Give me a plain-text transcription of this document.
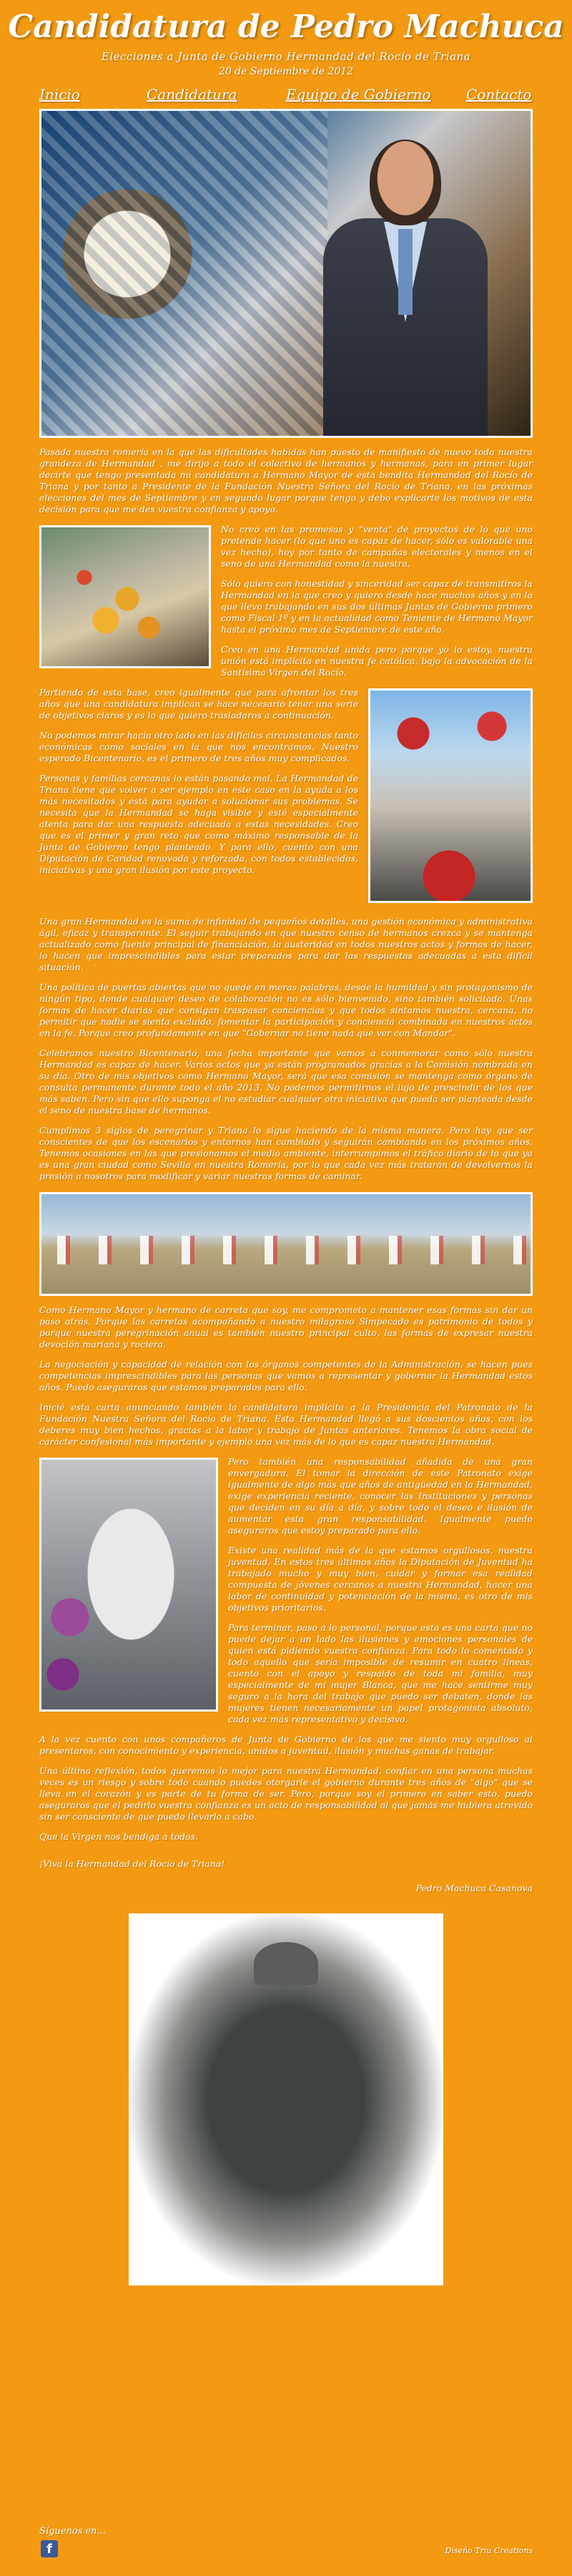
Candidatura de Pedro Machuca
Elecciones a Junta de Gobierno Hermandad del Rocío de Triana
20 de Septiembre de 2012
Inicio	Candidatura	Equipo de Gobierno Contacto

Pasada nuestra romería en la que las dificultades habidas han puesto de manifiesto de nuevo toda nuestra grandeza de Hermandad , me dirijo a todo el colectivo de hermanos y hermanas, para en primer lugar decirte que tengo presentada mi candidatura a Hermano Mayor de esta bendita Hermandad del Rocío de Triana y por tanto a Presidente de la Fundación Nuestra Señora del Rocío de Triana, en las próximas elecciones del mes de Septiembre y en segundo lugar porque tengo y debo explicarte los motivos de esta decisión para que me des vuestra confianza y apoyo.

No creo en las promesas y "venta" de proyectos de lo que uno pretende hacer (lo que uno es capaz de hacer, sólo es valorable una vez hecho), hoy por tanto de campañas electorales y menos en el seno de una Hermandad como la nuestra.

Sólo quiero con honestidad y sinceridad ser capaz de transmitiros la Hermandad en la que creo y quiero desde hace muchos años y en la que llevo trabajando en sus dos últimas Juntas de Gobierno primero como Fiscal 1º y en la actualidad como Teniente de Hermano Mayor hasta el próximo mes de Septiembre de este año.

Creo en una Hermandad unida pero porque yo lo estoy, nuestra unión está implícita en nuestra fe católica, bajo la advocación de la Santísima Virgen del Rocío.

Partiendo de esta base, creo igualmente que para afrontar los tres años que una candidatura implican se hace necesario tener una serie de objetivos claros y es lo que quiero trasladaros a continuación.

No podemos mirar hacia otro lado en las difíciles circunstancias tanto económicas como sociales en la que nos encontramos. Nuestro esperado Bicentenario, es el primero de tres años muy complicados.

Personas y familias cercanas lo están pasando mal. La Hermandad de Triana tiene que volver a ser ejemplo en este caso en la ayuda a los más necesitados y está para ayudar a solucionar sus problemas. Se necesita que la Hermandad se haga visible y esté especialmente atenta para dar una respuesta adecuada a estas necesidades. Creo que es el primer y gran reto que como máximo responsable de la Junta de Gobierno tengo planteado. Y para ello, cuento con una Diputación de Caridad renovada y reforzada, con todos establecidos, iniciativas y una gran ilusión por este proyecto.

Una gran Hermandad es la suma de infinidad de pequeños detalles, una gestión económica y administrativa ágil, eficaz y transparente. El seguir trabajando en que nuestro censo de hermanos crezca y se mantenga actualizado como fuente principal de financiación, la austeridad en todos nuestros actos y formas de hacer, lo hacen que imprescindibles para estar preparados para dar las respuestas adecuadas a esta difícil situación.

Una política de puertas abiertas que no quede en meras palabras, desde la humildad y sin protagonismo de ningún tipo, donde cualquier deseo de colaboración no es sólo bienvenido, sino también solicitado. Unas formas de hacer diarias que consigan traspasar conciencias y que todos sintamos nuestra, cercana, no permitir que nadie se sienta excluido, fomentar la participación y conciencia combinada en nuestros actos en la fe. Porque creo profundamente en que "Gobernar no tiene nada que ver con Mandar".

Celebramos nuestro Bicentenario, una fecha importante que vamos a conmemorar como sólo nuestra Hermandad es capaz de hacer. Varios actos que ya están programados gracias a la Comisión nombrada en su día. Otro de mis objetivos como Hermano Mayor, será que esa comisión se mantenga como órgano de consulta permanente durante todo el año 2013. No podemos permitirnos el lujo de prescindir de los que más saben. Pero sin que ello suponga el no estudiar cualquier otra iniciativa que pueda ser planteada desde el seno de nuestra base de hermanos.

Cumplimos 3 siglos de peregrinar y Triana lo sigue haciendo de la misma manera. Pero hay que ser conscientes de que los escenarios y entornos han cambiado y seguirán cambiando en los próximos años. Tenemos ocasiones en las que presionamos el medio ambiente, interrumpimos el tráfico diario de lo que ya es una gran ciudad como Sevilla en nuestra Romería, por lo que cada vez más tratarán de devolvernos la presión a nosotros para modificar y variar nuestras formas de caminar.

Como Hermano Mayor y hermano de carreta que soy, me comprometo a mantener esas formas sin dar un paso atrás. Porque las carretas acompañando a nuestro milagroso Simpecado es patrimonio de todos y porque nuestra peregrinación anual es también nuestro principal culto, las formas de expresar nuestra devoción mariana y rociera.

La negociación y capacidad de relación con los órganos competentes de la Administración, se hacen pues competencias imprescindibles para las personas que vamos a representar y gobernar la Hermandad estos años. Puedo aseguraros que estamos preparados para ello.

Inicié esta carta anunciando también la candidatura implícita a la Presidencia del Patronato de la Fundación Nuestra Señora del Rocío de Triana. Esta Hermandad llegó a sus doscientos años, con los deberes muy bien hechos, gracias a la labor y trabajo de Juntas anteriores. Tenemos la obra social de carácter confesional más importante y ejemplo una vez más de lo que es capaz nuestra Hermandad.

Pero también una responsabilidad añadida de una gran envergadura. El tomar la dirección de este Patronato exige igualmente de algo más que años de antigüedad en la Hermandad, exige experiencia reciente, conocer las Instituciones y personas que deciden en su día a día, y sobre todo el deseo e ilusión de aumentar esta gran responsabilidad. Igualmente puedo aseguraros que estoy preparado para ello.

Existe una realidad más de la que estamos orgullosos, nuestra juventud. En estos tres últimos años la Diputación de Juventud ha trabajado mucho y muy bien, cuidar y formar esa realidad compuesta de jóvenes cercanos a nuestra Hermandad, hacer una labor de continuidad y potenciación de la misma, es otro de mis objetivos prioritarios.

Para terminar, paso a lo personal, porque esta es una carta que no puede dejar a un lado las ilusiones y emociones personales de quien está pidiendo vuestra confianza. Para todo lo comentado y todo aquello que sería imposible de resumir en cuatro líneas, cuento con el apoyo y respaldo de toda mi familia, muy especialmente de mi mujer Blanca, que me hace sentirme muy seguro a la hora del trabajo que puedo ser debaten, donde las mujeres tienen necesariamente un papel protagonista absoluto, cada vez más representativo y decisivo.

A la vez cuento con unos compañeros de Junta de Gobierno de los que me siento muy orgulloso al presentaros, con conocimiento y experiencia, unidos a juventud, ilusión y muchas ganas de trabajar.

Una última reflexión, todos queremos lo mejor para nuestra Hermandad, confiar en una persona muchas veces es un riesgo y sobre todo cuando puedes otorgarle el gobierno durante tres años de "algo" que se lleva en el corazón y es parte de tu forma de ser. Pero, porque soy el primero en saber esto, puedo aseguraros que el pedirlo vuestra confianza es un acto de responsabilidad al que jamás me hubiera atrevido sin ser consciente de que puedo llevarlo a cabo.

Que la Virgen nos bendiga a todos.

¡Viva la Hermandad del Rocío de Triana!

Pedro Machuca Casanova
Síguenos en...
f	Diseño Triu Creations
